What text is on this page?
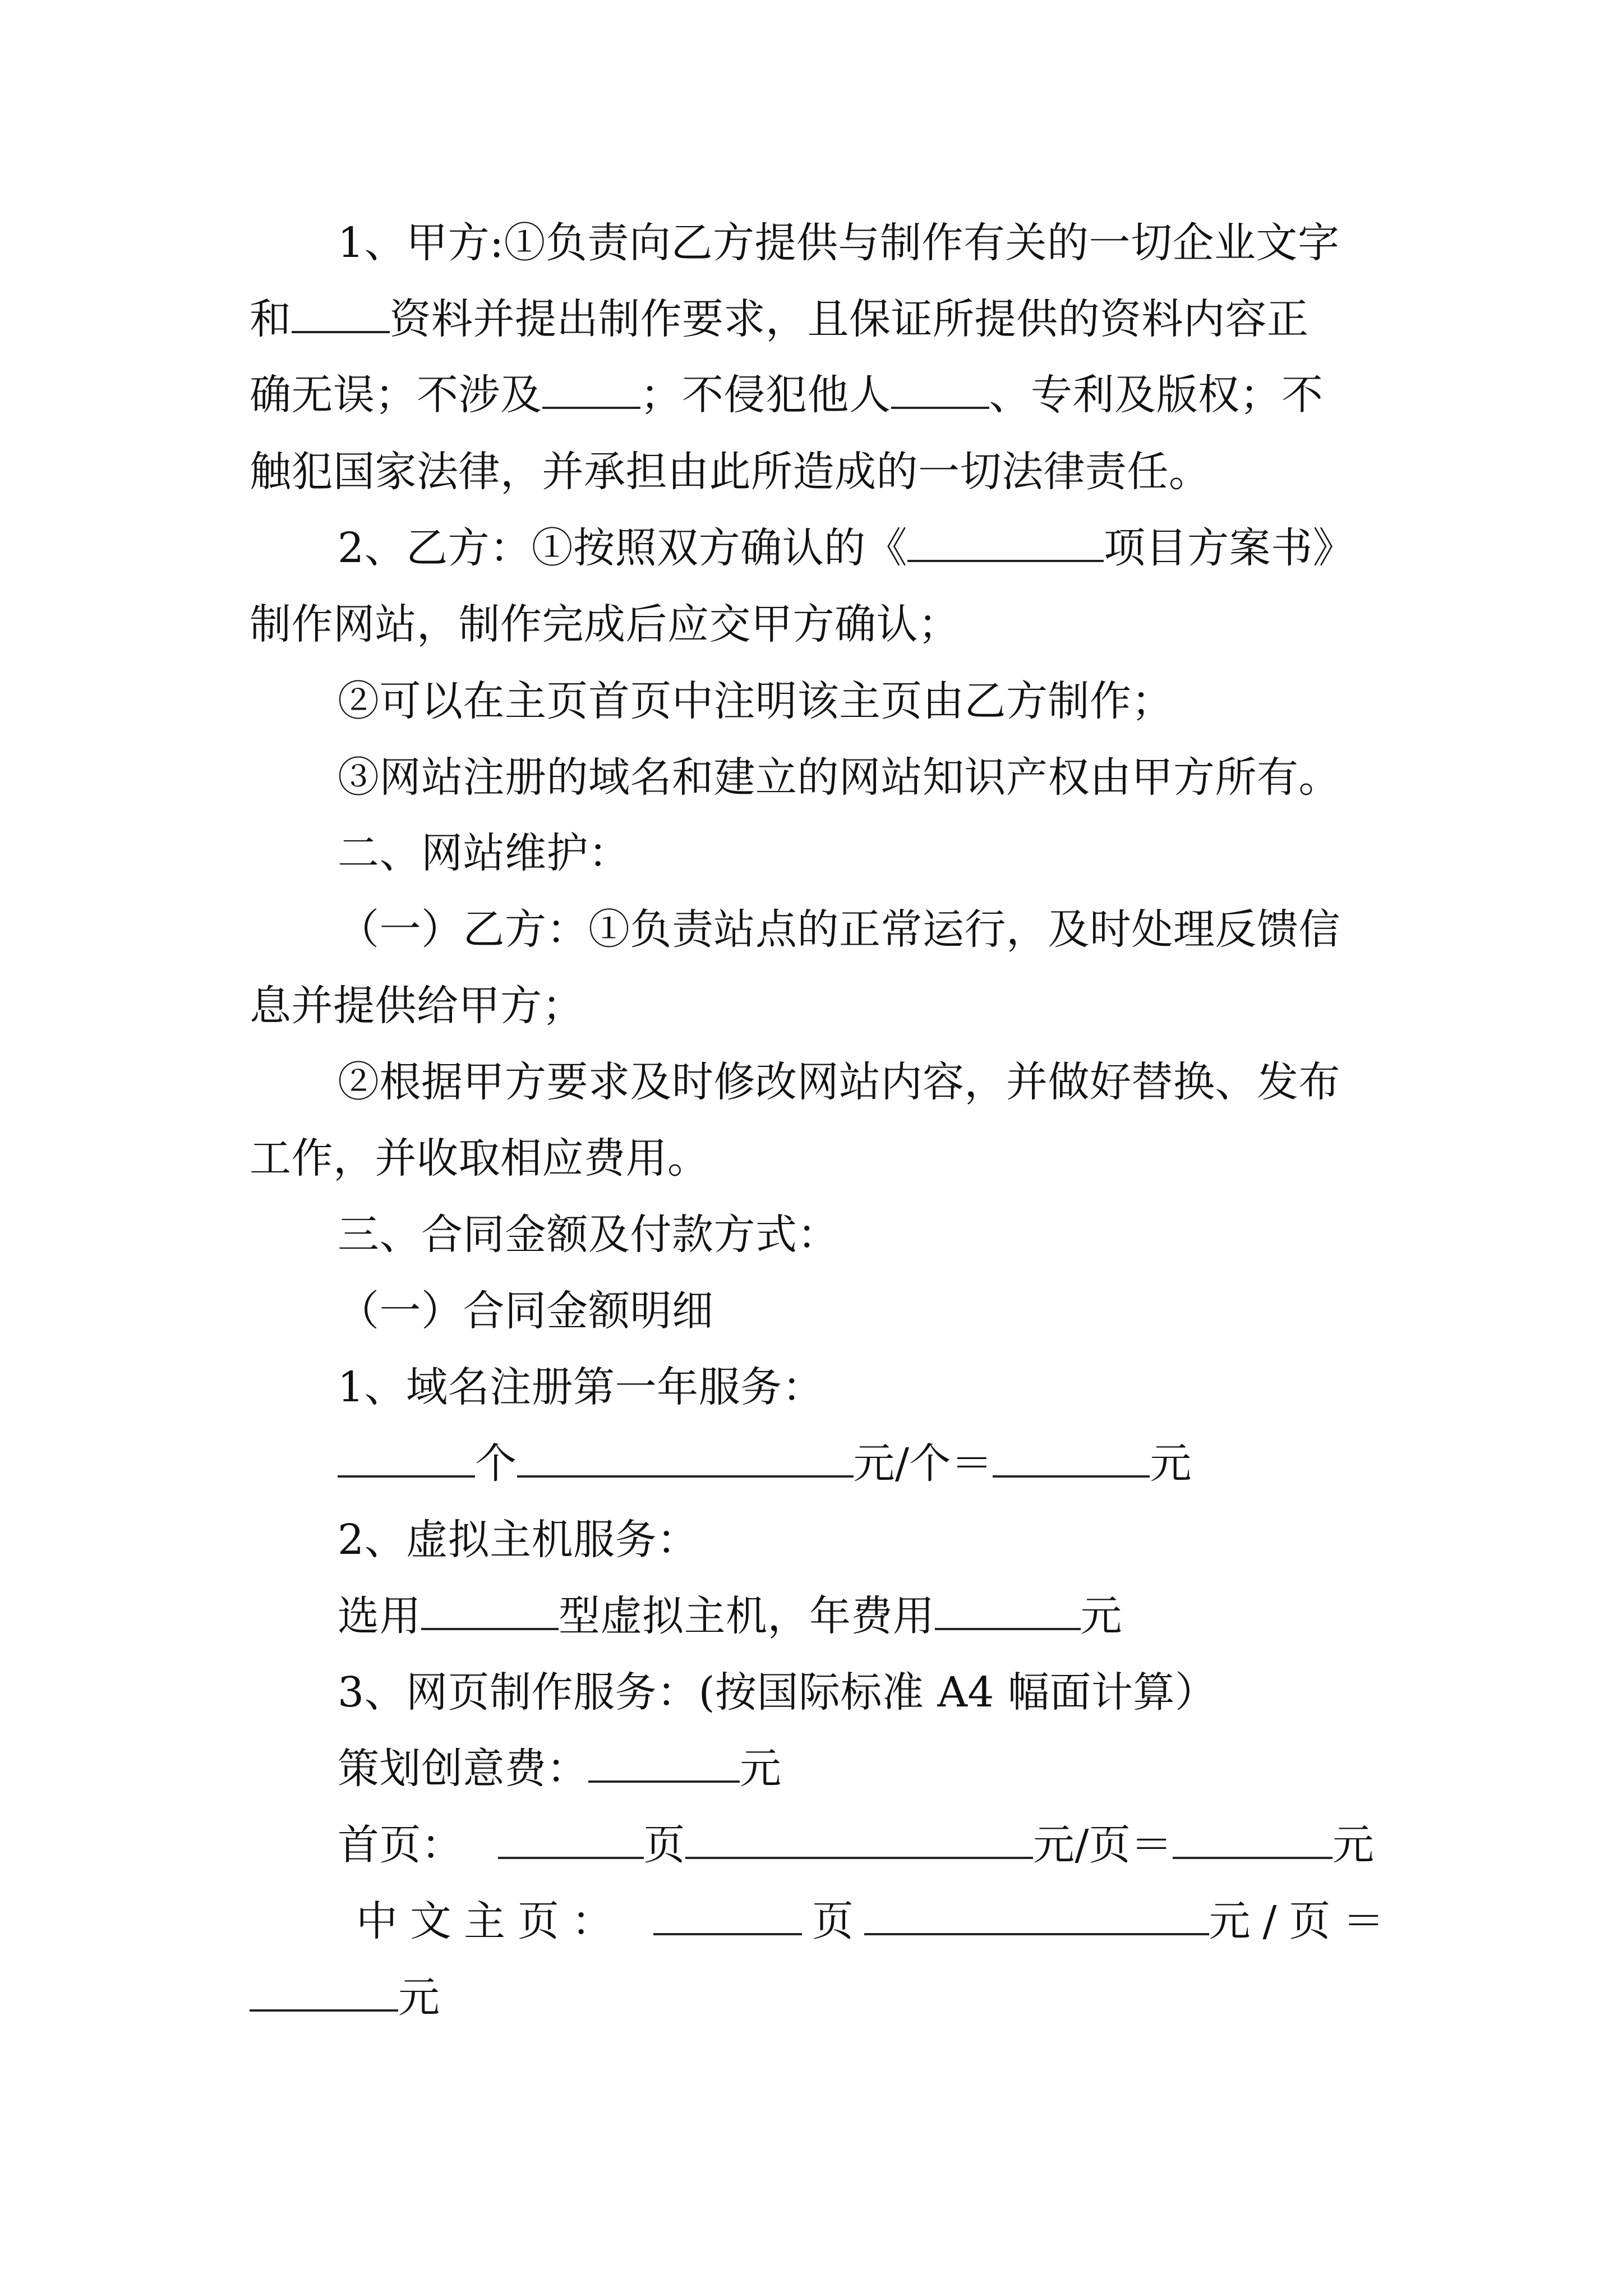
1、甲方:①负责向乙方提供与制作有关的一切企业文字
和 资料并提出制作要求，且保证所提供的资料内容正
确无误；不涉及 ；不侵犯他人 、专利及版权；不
触犯国家法律，并承担由此所造成的一切法律责任。
2、乙方：①按照双方确认的《	项目方案书》
制作网站，制作完成后应交甲方确认；
②可以在主页首页中注明该主页由乙方制作；
③网站注册的域名和建立的网站知识产权由甲方所有。
二、网站维护：
（一）乙方：①负责站点的正常运行，及时处理反馈信
息并提供给甲方；
②根据甲方要求及时修改网站内容，并做好替换、发布
工作，并收取相应费用。
三、合同金额及付款方式：
（一）合同金额明细
1、域名注册第一年服务：
个	元/个＝	元
2、虚拟主机服务：
选用	型虚拟主机，年费用	元
3、网页制作服务：(按国际标准 A4 幅面计算）
策划创意费：	元
首页：	页	元/页＝	元
中文主页：	页	元/页＝
元
